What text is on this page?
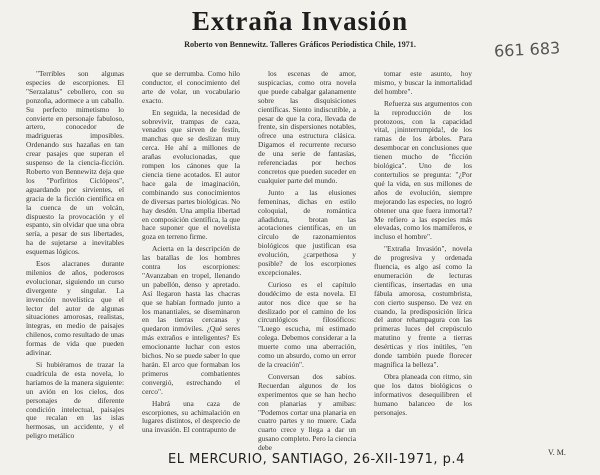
Extraña Invasión

Roberto von Bennewitz. Talleres Gráficos Periodística Chile, 1971.	661 683

"Terribles son algunas especies de escorpiones. El "Serzalatus" cebollero, con su ponzoña, adormece a un caballo. Su perfecto mimetismo lo convierte en personaje fabuloso, artero, conocedor de madrigueras imposibles. Ordenando sus hazañas en tan crear pasajes que superan el suspenso de la ciencia-ficción. Roberto von Bennewitz deja que los "Porfiritos Ciclópeos", aguardando por sirvientes, el gracia de la ficción científica en la cuenca de un volcán, dispuesto la provocación y el espanto, sin olvidar que una obra sería, a pesar de sus libertades, ha de sujetarse a inevitables esquemas lógicos.

Esos alacranes durante milenios de años, poderosos evolucionar, siguiendo un curso divergente y singular. La invención novelística que el lector del autor de algunas situaciones amorosas, realistas, íntegras, en medio de paisajes chilenos, como resultado de unas formas de vida que pueden adivinar.

Si hubiéramos de trazar la cuadrícula de esta novela, lo haríamos de la manera siguiente: un avión en los cielos, dos personajes de diferente condición intelectual, paisajes que recalan en las islas hermosas, un accidente, y el peligro metálico

que se derrumba. Como hilo conductor, el conocimiento del arte de volar, un vocabulario exacto.

En seguida, la necesidad de sobrevivir, trampas de caza, venados que sirven de festín, manchas que se deslizan muy cerca. He ahí a millones de arañas evolucionadas, que rompen los cánones que la ciencia tiene acotados. El autor hace gala de imaginación, combinando sus conocimientos de diversas partes biológicas. No hay desdén. Una amplia libertad en composición científica, la que hace suponer que el novelista goza en terreno firme.

Acierta en la descripción de las batallas de los hombres contra los escorpiones: "Avanzaban en tropel, llenando un pabellón, denso y apretado. Así llegaron hasta las chacras que se habían formado junto a los manantiales, se diseminaron en las tierras cercanas y quedaron inmóviles. ¿Qué seres más extraños e inteligentes? Es emocionante luchar con estos bichos. No se puede saber lo que harán. El arco que formaban los primeros combatientes convergió, estrechando el cerco".

Habrá una caza de escorpiones, su achimalación en lugares distintos, el desprecio de una invasión. El contrapunto de

los escenas de amor, suspicacias, como otra novela que puede cabalgar galanamente sobre las disquisiciones científicas. Siento indiscutible, a pesar de que la cora, llevada de frente, sin dispersiones notables, ofrece una estructura clásica. Digamos el recurrente recurso de una serie de fantasías, referenciadas por hechos concretos que pueden suceder en cualquier parte del mundo.

Junto a las elusiones femeninas, dichas en estilo coloquial, de romántica añadidura, brotan las acotaciones científicas, en un círculo de razonamientos biológicos que justifican esa evolución, ¿carpethosa y posible? de los escorpiones excepcionales.

Curioso es el capítulo doudécimo de esta novela. El autor nos dice que se ha deslizado por el camino de los circunlógicos filosóficos: "Luego escucha, mi estimado colega. Debemos considerar a la muerte como una aberración, como un absurdo, como un error de la creación".

Conversan dos sabios. Recuerdan algunos de los experimentos que se han hecho con planarias y amibas: "Podemos cortar una planaria en cuatro partes y no muere. Cada cuarto crece y llega a dar un gusano completo. Pero la ciencia debe

tomar este asunto, hoy mismo, y buscar la inmortalidad del hombre".

Refuerza sus argumentos con la reproducción de los protozoos, con la capacidad vital, ¡ininterrumpida!, de los ramas de los árboles. Para desembocar en conclusiones que tienen mucho de "ficción biológica". Uno de los contertulios se pregunta: "¿Por qué la vida, en sus millones de años de evolución, siempre mejorando las especies, no logró obtener una que fuera inmortal? Me refiero a las especies más elevadas, como los mamíferos, e incluso el hombre".

"Extraña Invasión", novela de progresiva y ordenada fluencia, es algo así como la enumeración de lecturas científicas, insertadas en una fábula amorosa, costumbrista, con cierto suspenso. De vez en cuando, la predisposición lírica del autor rehampagura con las primeras luces del crepúsculo matutino y frente a tierras desérticas y ríos inútiles, "en donde también puede florecer magnífica la belleza".

Obra planeada con ritmo, sin que los datos biológicos o informativos desequilibren el humano balanceo de los personajes.

V. M.
EL MERCURIO, SANTIAGO, 26-XII-1971, p.4
